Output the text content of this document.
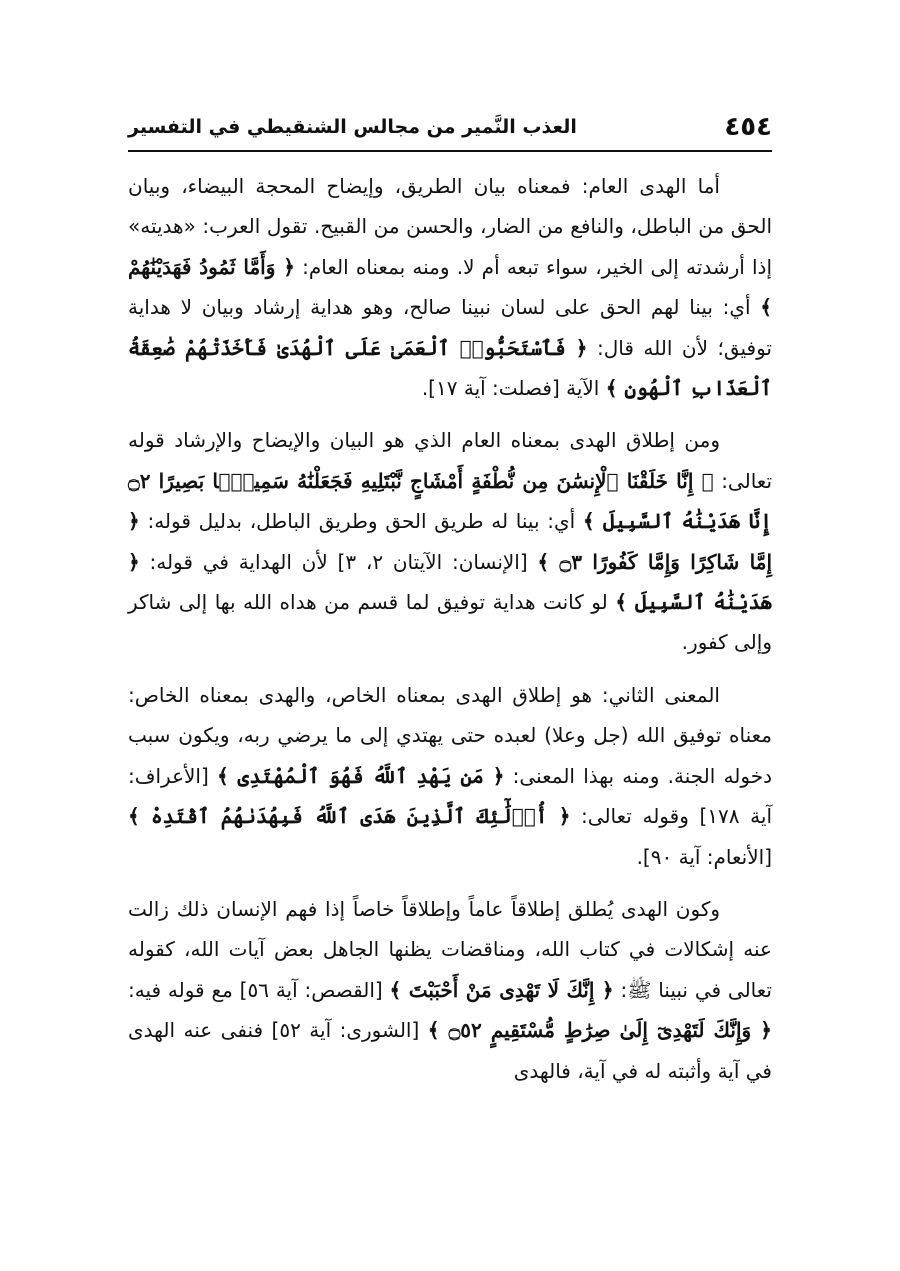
٤٥٤
العذب النَّمير من مجالس الشنقيطي في التفسير

أما الهدى العام: فمعناه بيان الطريق، وإيضاح المحجة البيضاء، وبيان الحق من الباطل، والنافع من الضار، والحسن من القبيح. تقول العرب: «هديته» إذا أرشدته إلى الخير، سواء تبعه أم لا. ومنه بمعناه العام: ﴿ وَأَمَّا ثَمُودُ فَهَدَيْنَٰهُمْ ﴾ أي: بينا لهم الحق على لسان نبينا صالح، وهو هداية إرشاد وبيان لا هداية توفيق؛ لأن الله قال: ﴿ فَٱسْتَحَبُّوا۟ ٱلْعَمَىٰ عَلَى ٱلْهُدَىٰ فَأَخَذَتْهُمْ صَٰعِقَةُ ٱلْعَذَابِ ٱلْهُونِ ﴾ الآية [فصلت: آية ١٧].

ومن إطلاق الهدى بمعناه العام الذي هو البيان والإيضاح والإرشاد قوله تعالى: ﴿ إِنَّا خَلَقْنَا ٱلْإِنسَٰنَ مِن نُّطْفَةٍ أَمْشَاجٍ نَّبْتَلِيهِ فَجَعَلْنَٰهُ سَمِيعًۢا بَصِيرًا ۝٢ إِنَّا هَدَيْنَٰهُ ٱلسَّبِيلَ ﴾ أي: بينا له طريق الحق وطريق الباطل، بدليل قوله: ﴿ إِمَّا شَاكِرًا وَإِمَّا كَفُورًا ۝٣ ﴾ [الإنسان: الآيتان ٢، ٣] لأن الهداية في قوله: ﴿ هَدَيْنَٰهُ ٱلسَّبِيلَ ﴾ لو كانت هداية توفيق لما قسم من هداه الله بها إلى شاكر وإلى كفور.

المعنى الثاني: هو إطلاق الهدى بمعناه الخاص، والهدى بمعناه الخاص: معناه توفيق الله (جل وعلا) لعبده حتى يهتدي إلى ما يرضي ربه، ويكون سبب دخوله الجنة. ومنه بهذا المعنى: ﴿ مَن يَهْدِ ٱللَّهُ فَهُوَ ٱلْمُهْتَدِى ﴾ [الأعراف: آية ١٧٨] وقوله تعالى: ﴿ أُو۟لَٰٓئِكَ ٱلَّذِينَ هَدَى ٱللَّهُ فَبِهُدَىٰهُمُ ٱقْتَدِهْ ﴾ [الأنعام: آية ٩٠].

وكون الهدى يُطلق إطلاقاً عاماً وإطلاقاً خاصاً إذا فهم الإنسان ذلك زالت عنه إشكالات في كتاب الله، ومناقضات يظنها الجاهل بعض آيات الله، كقوله تعالى في نبينا ﷺ: ﴿ إِنَّكَ لَا تَهْدِى مَنْ أَحْبَبْتَ ﴾ [القصص: آية ٥٦] مع قوله فيه: ﴿ وَإِنَّكَ لَتَهْدِىٓ إِلَىٰ صِرَٰطٍ مُّسْتَقِيمٍ ۝٥٢ ﴾ [الشورى: آية ٥٢] فنفى عنه الهدى في آية وأثبته له في آية، فالهدى
